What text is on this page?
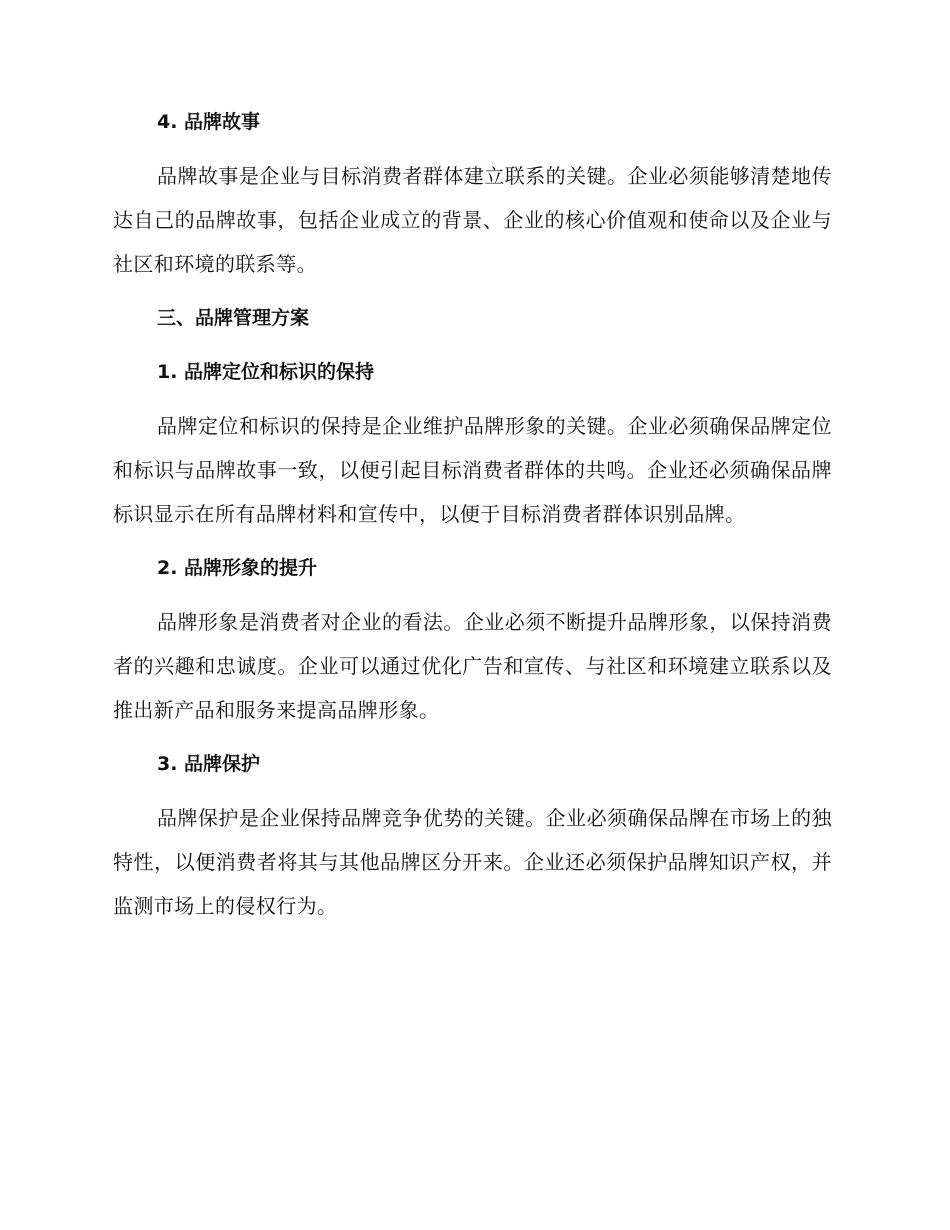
4. 品牌故事

品牌故事是企业与目标消费者群体建立联系的关键。企业必须能够清楚地传达自己的品牌故事，包括企业成立的背景、企业的核心价值观和使命以及企业与社区和环境的联系等。

三、品牌管理方案
1. 品牌定位和标识的保持

品牌定位和标识的保持是企业维护品牌形象的关键。企业必须确保品牌定位和标识与品牌故事一致，以便引起目标消费者群体的共鸣。企业还必须确保品牌标识显示在所有品牌材料和宣传中，以便于目标消费者群体识别品牌。

2. 品牌形象的提升

品牌形象是消费者对企业的看法。企业必须不断提升品牌形象，以保持消费者的兴趣和忠诚度。企业可以通过优化广告和宣传、与社区和环境建立联系以及推出新产品和服务来提高品牌形象。

3. 品牌保护

品牌保护是企业保持品牌竞争优势的关键。企业必须确保品牌在市场上的独特性，以便消费者将其与其他品牌区分开来。企业还必须保护品牌知识产权，并监测市场上的侵权行为。
